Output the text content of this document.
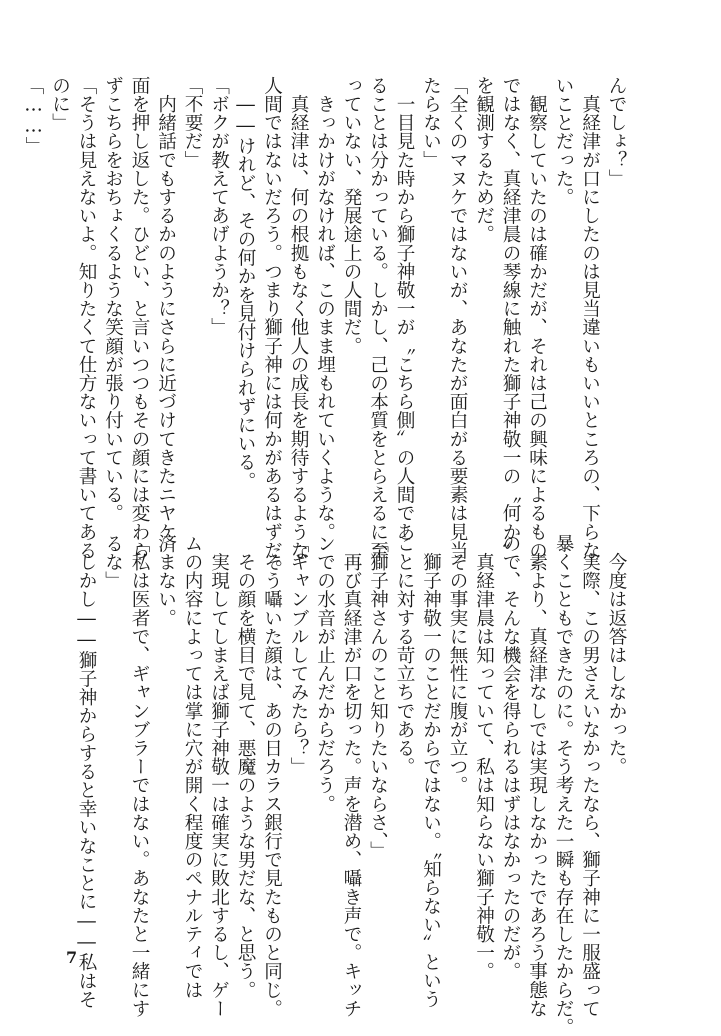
んでしょ？」
　真経津が口にしたのは見当違いもいいところの、下らな
いことだった。
　観察していたのは確かだが、それは己の興味によるもの
ではなく、真経津晨の琴線に触れた獅子神敬一の〝何か〟
を観測するためだ。
「全くのマヌケではないが、あなたが面白がる要素は見当
たらない」
　一目見た時から獅子神敬一が〝こちら側〟の人間であ
ることは分かっている。しかし、己の本質をとらえるに至
っていない、発展途上の人間だ。
　きっかけがなければ、このまま埋もれていくような。
　真経津は、何の根拠もなく他人の成長を期待するような
人間ではないだろう。つまり獅子神には何かがあるはずだ。
　――けれど、その何かを見付けられずにいる。
「ボクが教えてあげようか？」
「不要だ」
　内緒話でもするかのようにさらに近づけてきたニヤケ
面を押し返した。ひどい、と言いつつもその顔には変わら
ずこちらをおちょくるような笑顔が張り付いている。
「そうは見えないよ。知りたくて仕方ないって書いてある
のに」
「……」
　今度は返答はしなかった。
　実際、この男さえいなかったなら、獅子神に一服盛って
暴くこともできたのに。そう考えた一瞬も存在したからだ。
　素より、真経津なしでは実現しなかったであろう事態な
ので、そんな機会を得られるはずはなかったのだが。
　真経津晨は知っていて、私は知らない獅子神敬一。
　その事実に無性に腹が立つ。
　獅子神敬一のことだからではない。〝知らない〟という
ことに対する苛立ちである。
「獅子神さんのこと知りたいならさ、」
　再び真経津が口を切った。声を潜め、囁き声で。キッチ
ンでの水音が止んだからだろう。
「ギャンブルしてみたら？」
　そう囁いた顔は、あの日カラス銀行で見たものと同じ。
　その顔を横目で見て、悪魔のような男だな、と思う。
　実現してしまえば獅子神敬一は確実に敗北するし、ゲー
ムの内容によっては掌に穴が開く程度のペナルティでは
済まない。
「私は医者で、ギャンブラーではない。あなたと一緒にす
るな」
　しかし――獅子神からすると幸いなことに――私はそ
7
